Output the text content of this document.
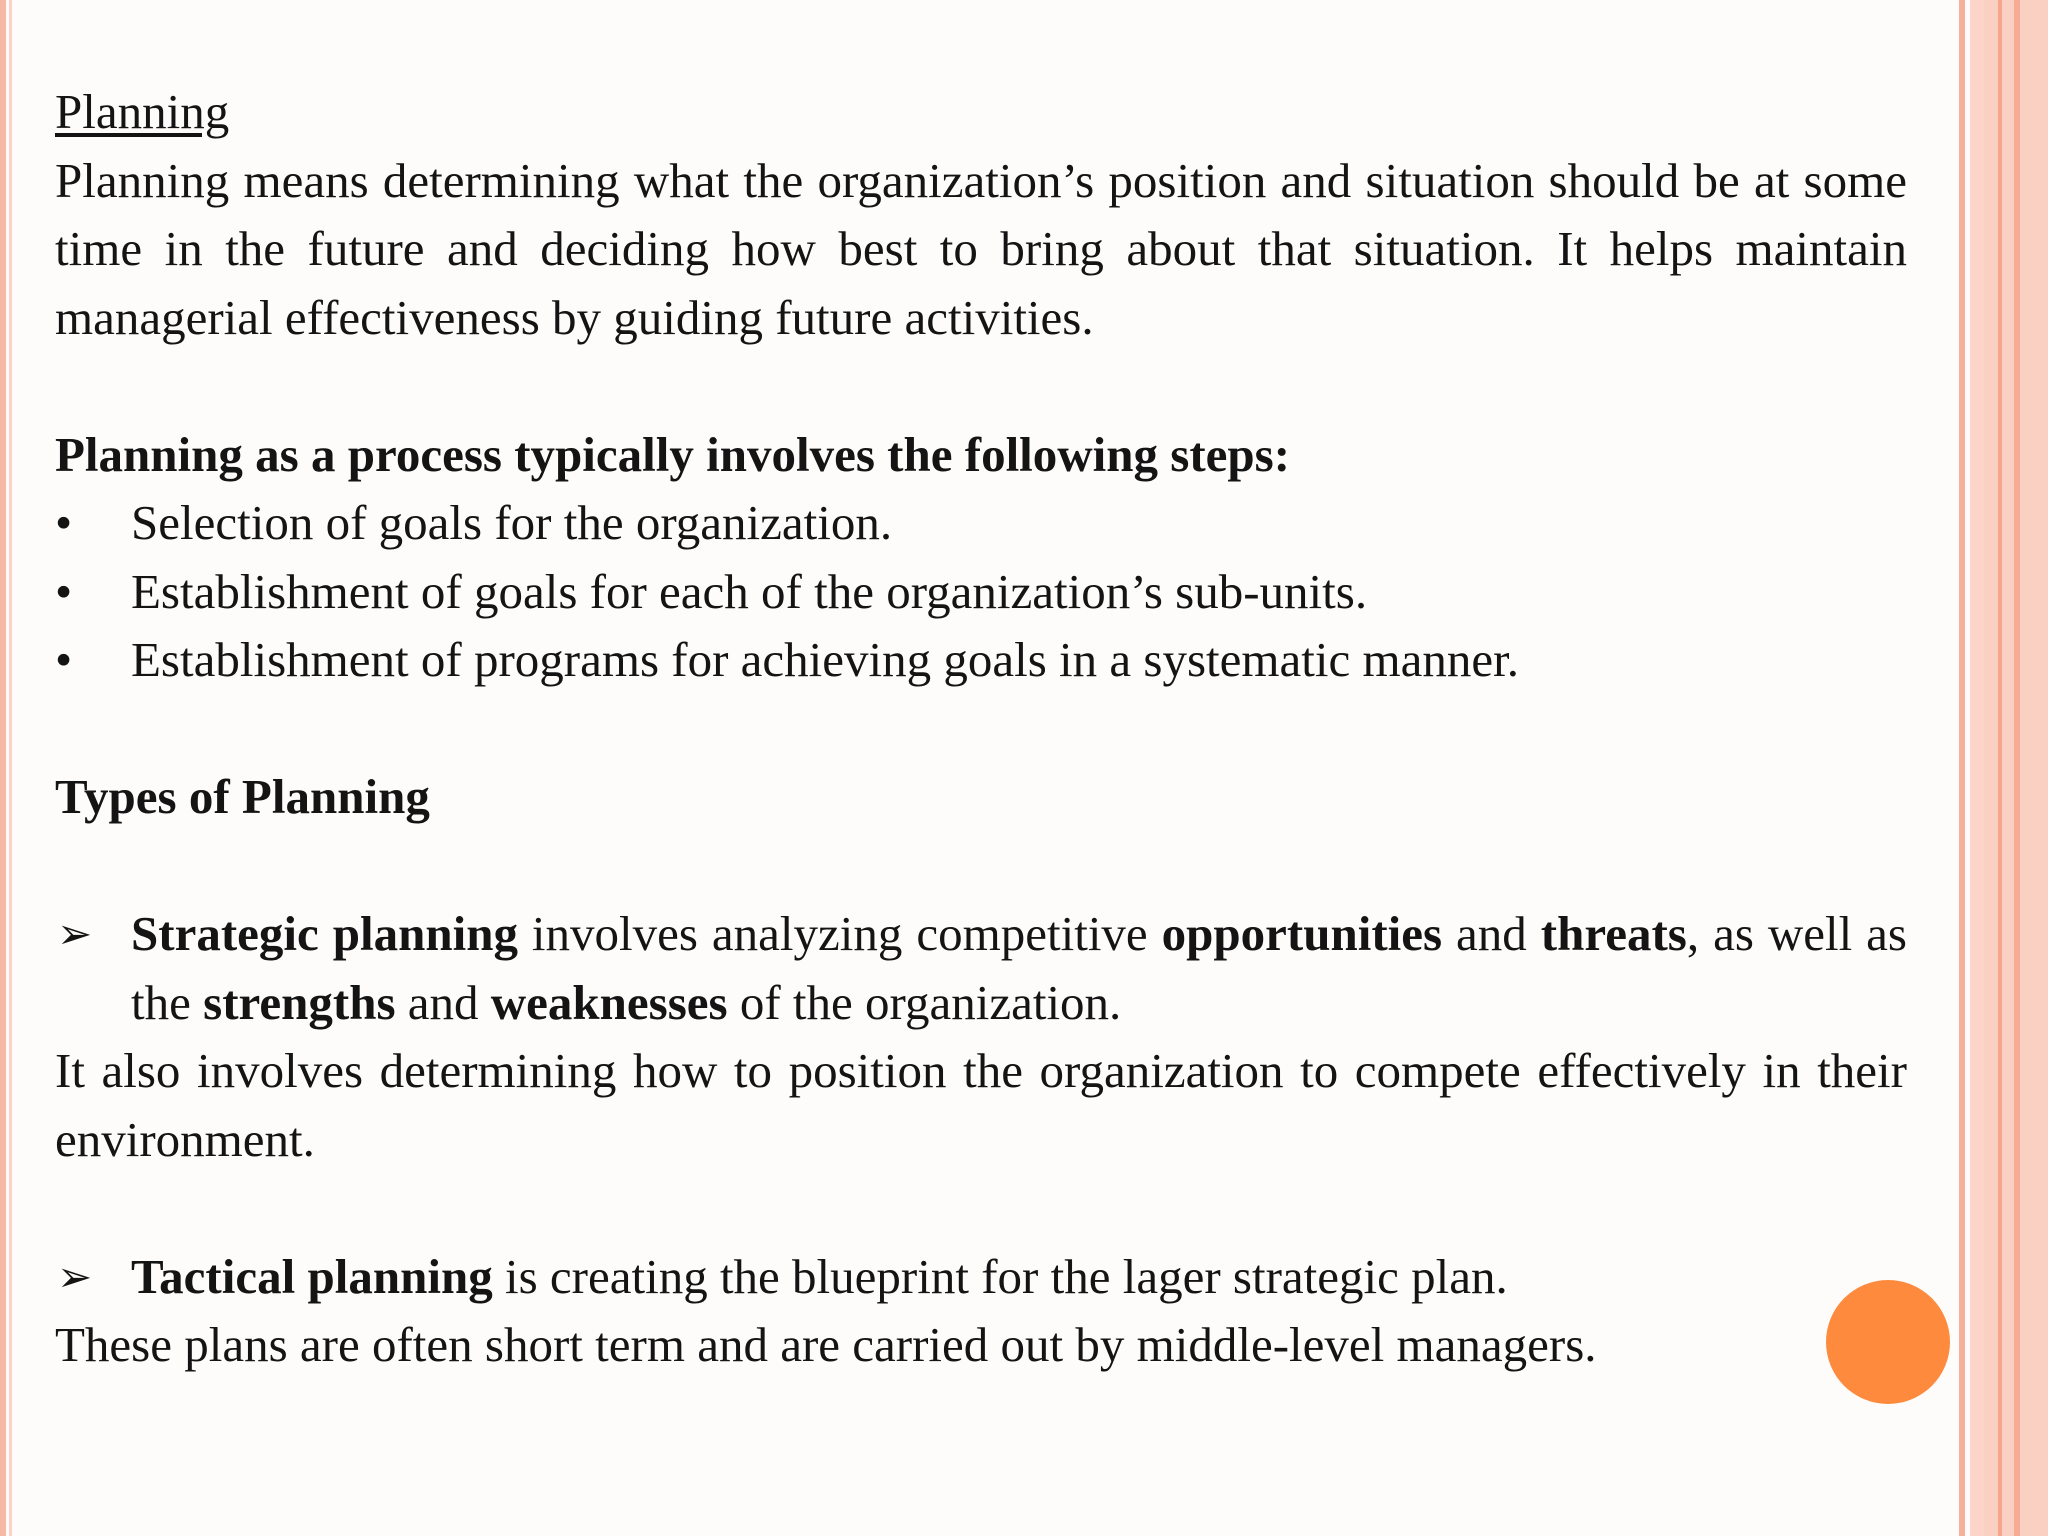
Planning

Planning means determining what the organization’s position and situation should be at some time in the future and deciding how best to bring about that situation. It helps maintain managerial effectiveness by guiding future activities.

Planning as a process typically involves the following steps:

•	Selection of goals for the organization.
•	Establishment of goals for each of the organization’s sub-units.
•	Establishment of programs for achieving goals in a systematic manner.

Types of Planning

➢ Strategic planning involves analyzing competitive opportunities and threats, as well as the strengths and weaknesses of the organization.

It also involves determining how to position the organization to compete effectively in their environment.

➢ Tactical planning is creating the blueprint for the lager strategic plan.

These plans are often short term and are carried out by middle-level managers.
